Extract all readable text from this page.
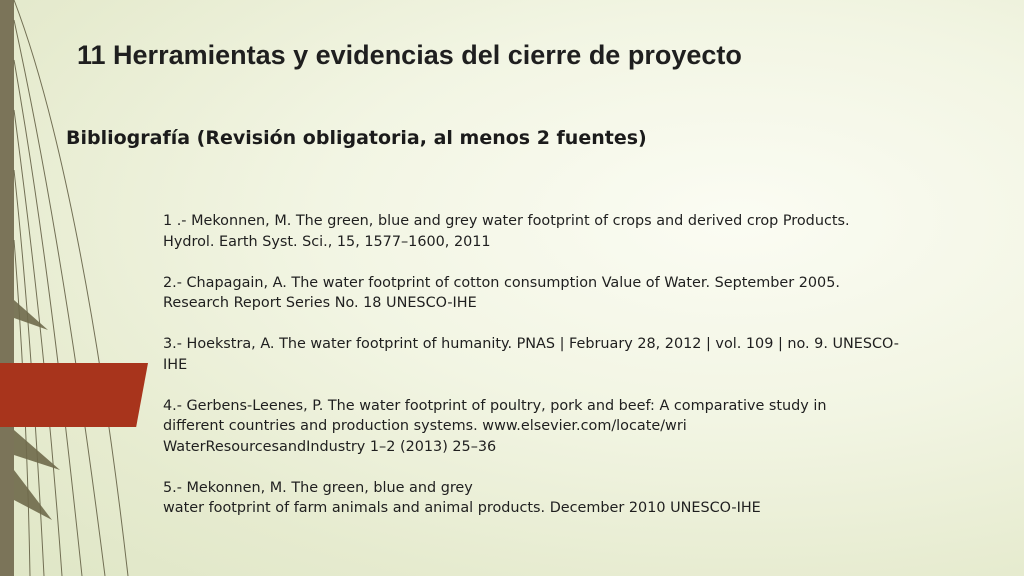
11 Herramientas y evidencias del cierre de proyecto
Bibliografía (Revisión obligatoria, al menos 2 fuentes)

1 .- Mekonnen, M. The green, blue and grey water footprint of crops and derived crop Products.
Hydrol. Earth Syst. Sci., 15, 1577–1600, 2011

2.- Chapagain, A. The water footprint of cotton consumption Value of Water. September 2005.
Research Report Series No. 18 UNESCO-IHE

3.- Hoekstra, A. The water footprint of humanity. PNAS | February 28, 2012 | vol. 109 | no. 9. UNESCO-
IHE

4.- Gerbens-Leenes, P. The water footprint of poultry, pork and beef: A comparative study in
different countries and production systems. www.elsevier.com/locate/wri
WaterResourcesandIndustry 1–2 (2013) 25–36

5.- Mekonnen, M. The green, blue and grey
water footprint of farm animals and animal products. December 2010 UNESCO-IHE
